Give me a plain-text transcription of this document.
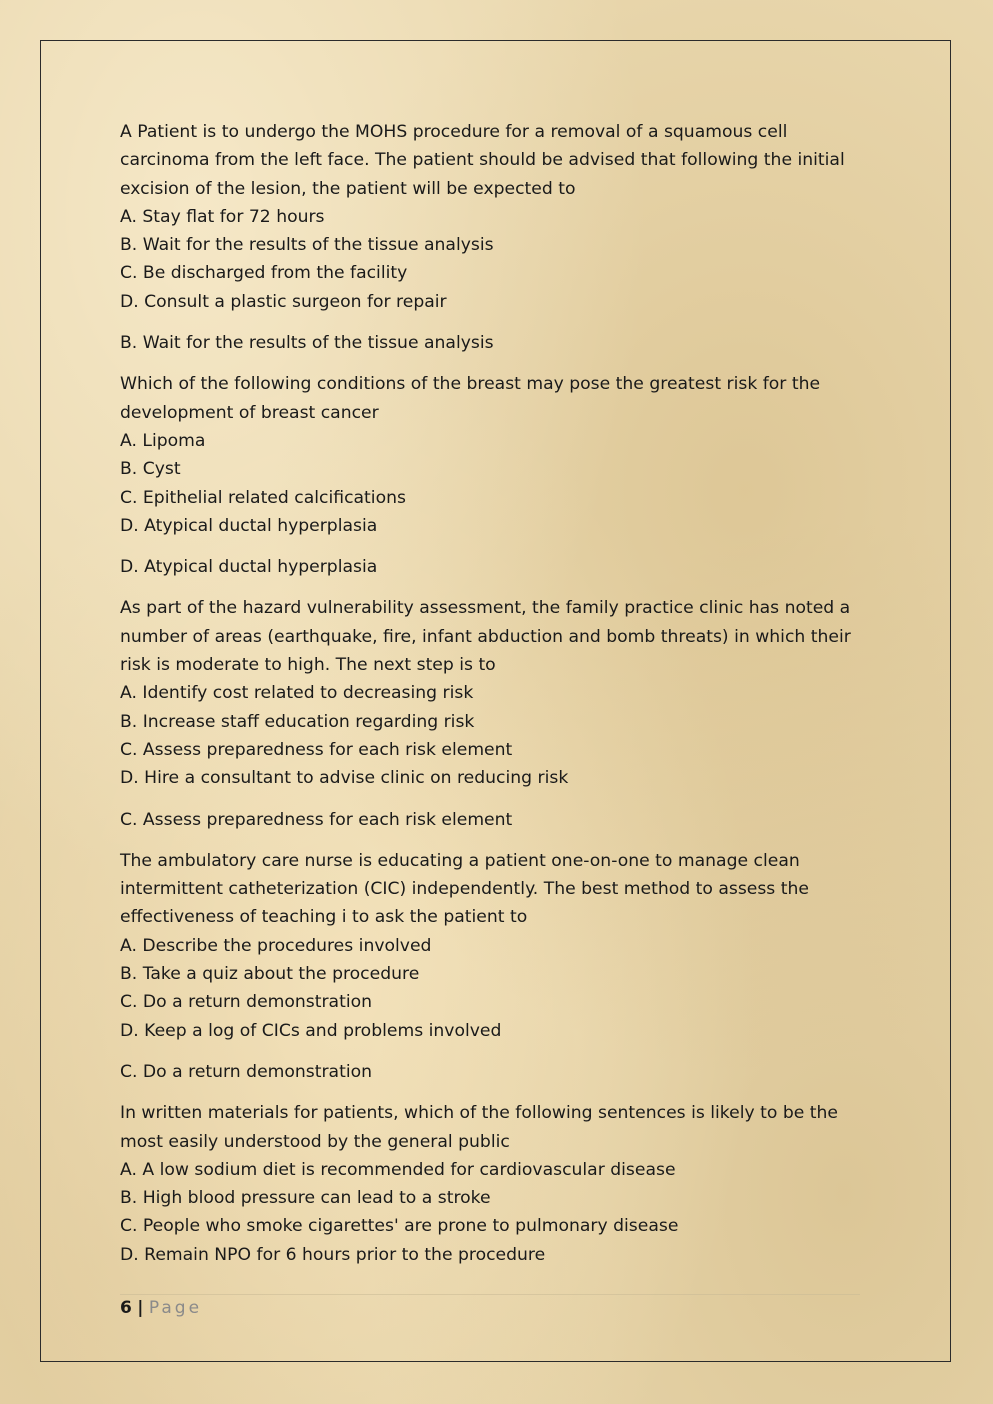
A Patient is to undergo the MOHS procedure for a removal of a squamous cell
carcinoma from the left face. The patient should be advised that following the initial
excision of the lesion, the patient will be expected to
A. Stay flat for 72 hours
B. Wait for the results of the tissue analysis
C. Be discharged from the facility
D. Consult a plastic surgeon for repair
B. Wait for the results of the tissue analysis
Which of the following conditions of the breast may pose the greatest risk for the
development of breast cancer
A. Lipoma
B. Cyst
C. Epithelial related calcifications
D. Atypical ductal hyperplasia
D. Atypical ductal hyperplasia
As part of the hazard vulnerability assessment, the family practice clinic has noted a
number of areas (earthquake, fire, infant abduction and bomb threats) in which their
risk is moderate to high. The next step is to
A. Identify cost related to decreasing risk
B. Increase staff education regarding risk
C. Assess preparedness for each risk element
D. Hire a consultant to advise clinic on reducing risk
C. Assess preparedness for each risk element
The ambulatory care nurse is educating a patient one-on-one to manage clean
intermittent catheterization (CIC) independently. The best method to assess the
effectiveness of teaching i to ask the patient to
A. Describe the procedures involved
B. Take a quiz about the procedure
C. Do a return demonstration
D. Keep a log of CICs and problems involved
C. Do a return demonstration
In written materials for patients, which of the following sentences is likely to be the
most easily understood by the general public
A. A low sodium diet is recommended for cardiovascular disease
B. High blood pressure can lead to a stroke
C. People who smoke cigarettes' are prone to pulmonary disease
D. Remain NPO for 6 hours prior to the procedure
6 | Page
